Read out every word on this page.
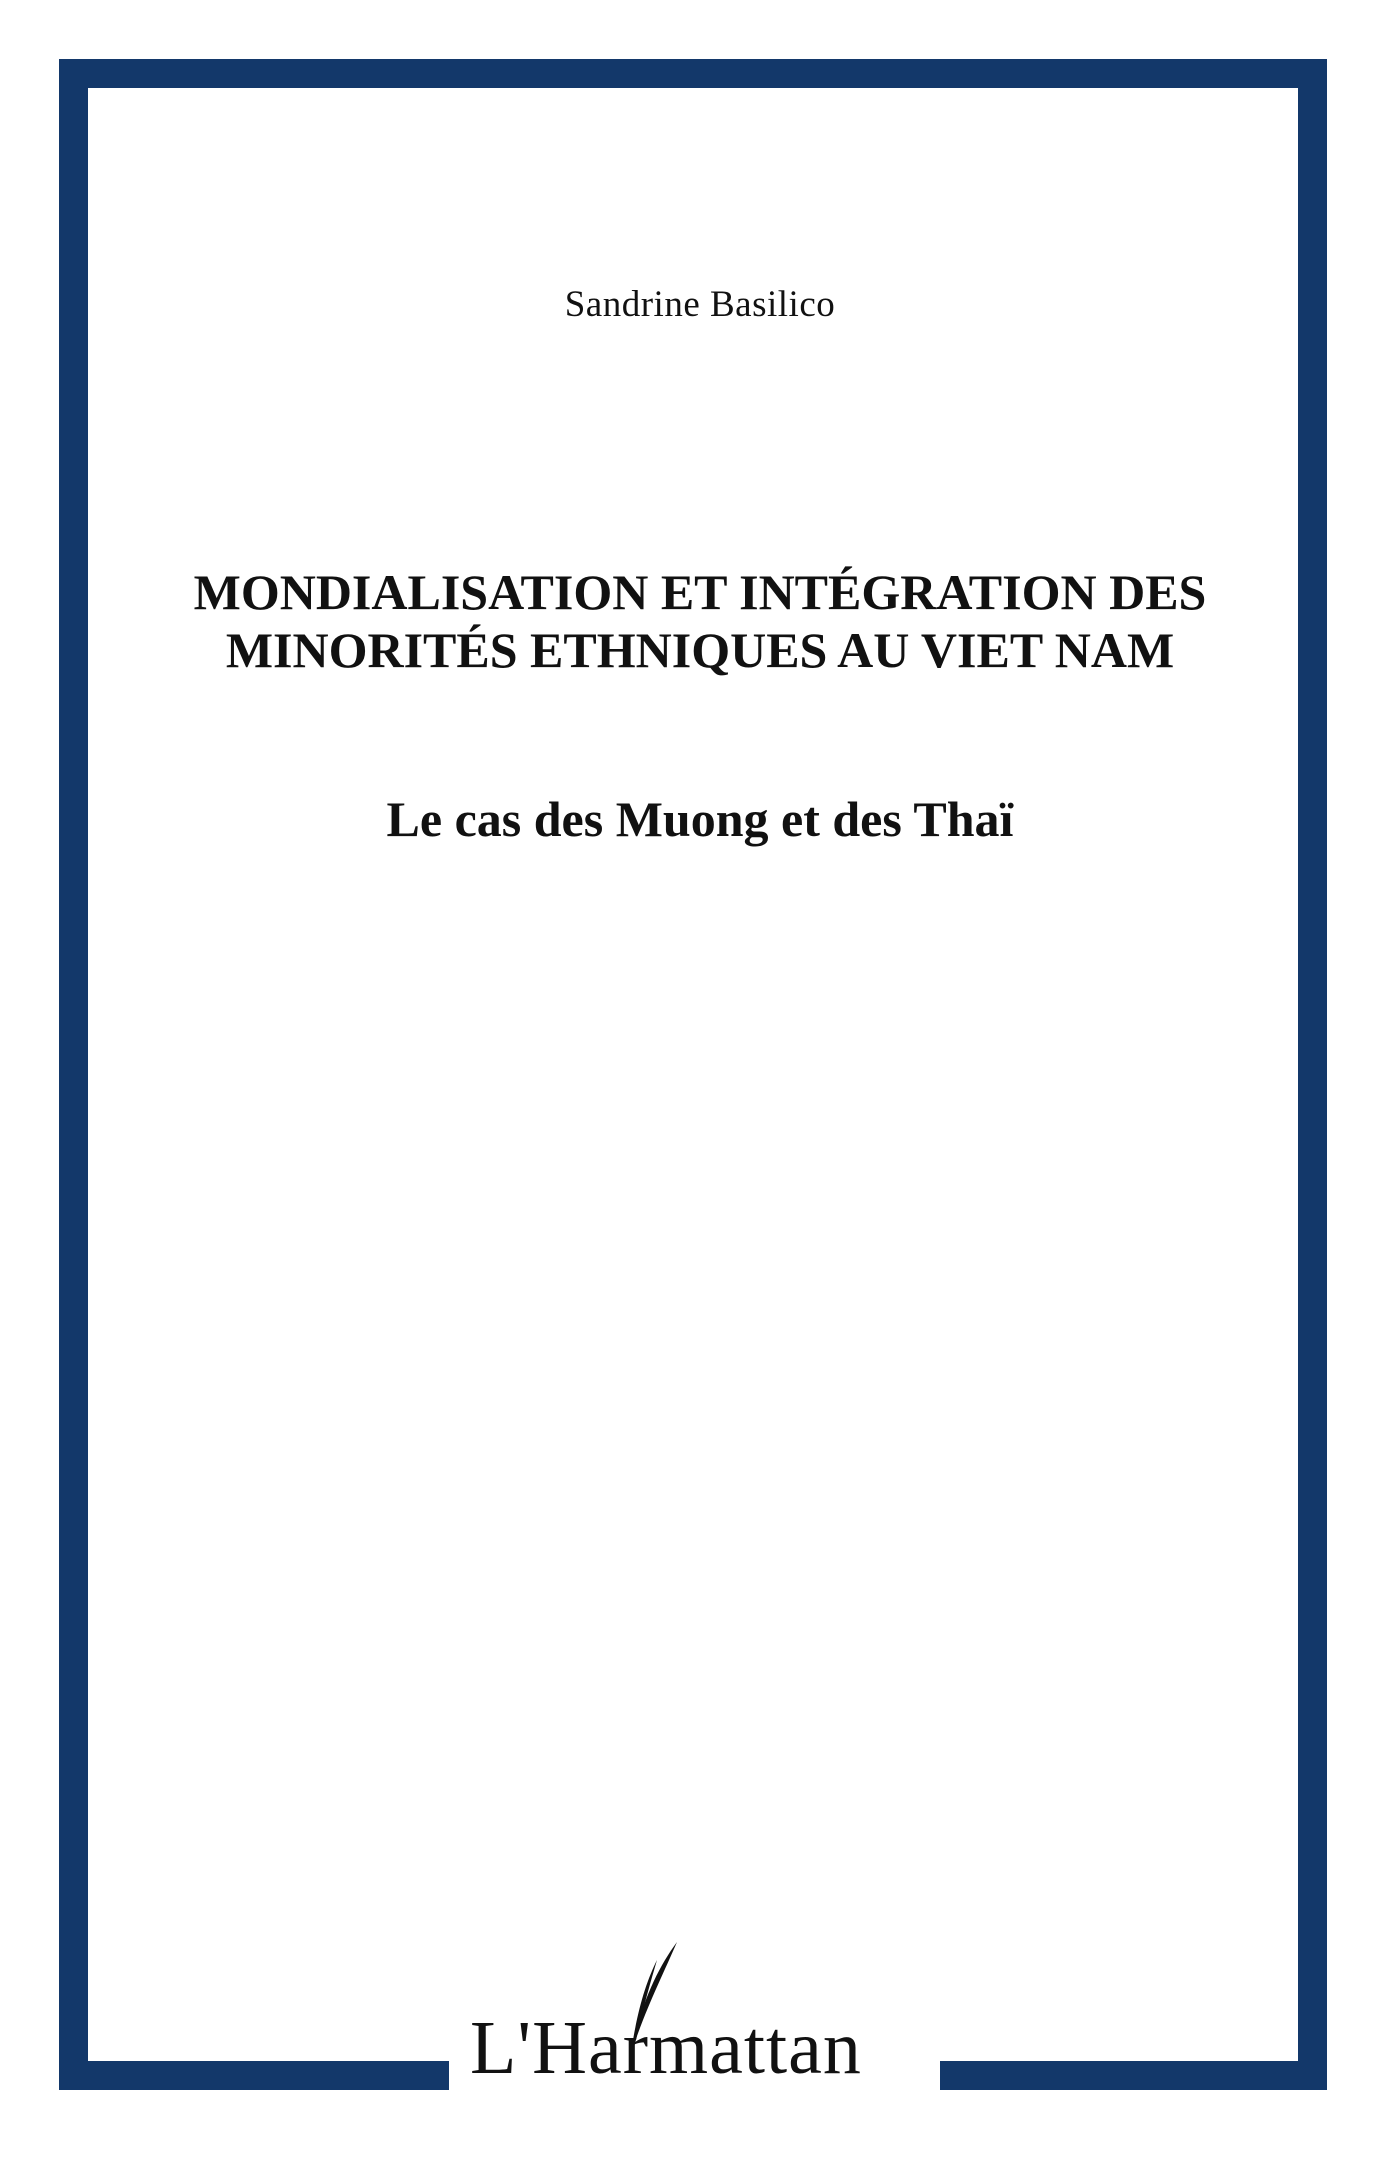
Sandrine Basilico
MONDIALISATION ET INTÉGRATION DES MINORITÉS ETHNIQUES AU VIET NAM
Le cas des Muong et des Thaï
L'Harmattan
